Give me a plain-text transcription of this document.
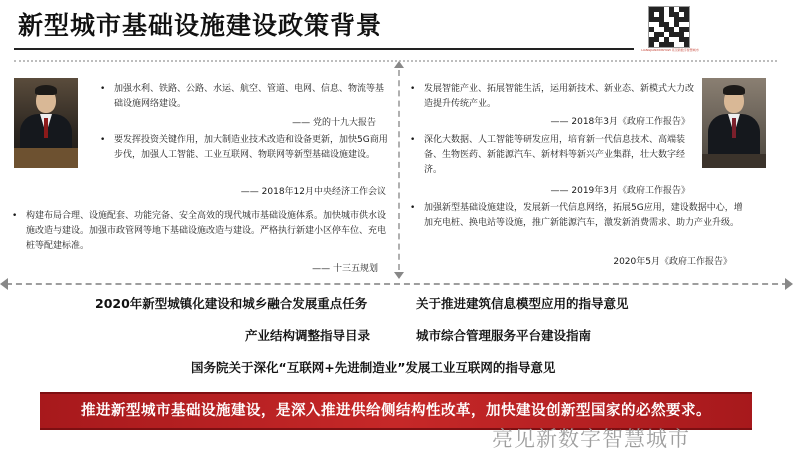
新型城市基础设施建设政策背景
LIANGJIANXINSHUZI 亮见新数字智慧城市
• 加强水利、铁路、公路、水运、航空、管道、电网、信息、物流等基础设施网络建设。
—— 党的十九大报告
• 要发挥投资关键作用，加大制造业技术改造和设备更新，加快5G商用步伐，加强人工智能、工业互联网、物联网等新型基础设施建设。
—— 2018年12月中央经济工作会议
• 构建布局合理、设施配套、功能完备、安全高效的现代城市基础设施体系。加快城市供水设施改造与建设。加强市政管网等地下基础设施改造与建设。严格执行新建小区停车位、充电桩等配建标准。
—— 十三五规划
• 发展智能产业、拓展智能生活，运用新技术、新业态、新模式大力改造提升传统产业。
—— 2018年3月《政府工作报告》
• 深化大数据、人工智能等研发应用，培育新一代信息技术、高端装备、生物医药、新能源汽车、新材料等新兴产业集群，壮大数字经济。
—— 2019年3月《政府工作报告》
• 加强新型基础设施建设，发展新一代信息网络，拓展5G应用，建设数据中心，增加充电桩、换电站等设施，推广新能源汽车，激发新消费需求、助力产业升级。
2020年5月《政府工作报告》
2020年新型城镇化建设和城乡融合发展重点任务	关于推进建筑信息模型应用的指导意见
产业结构调整指导目录	城市综合管理服务平台建设指南
国务院关于深化“互联网+先进制造业”发展工业互联网的指导意见
推进新型城市基础设施建设，是深入推进供给侧结构性改革，加快建设创新型国家的必然要求。
亮见新数字智慧城市
